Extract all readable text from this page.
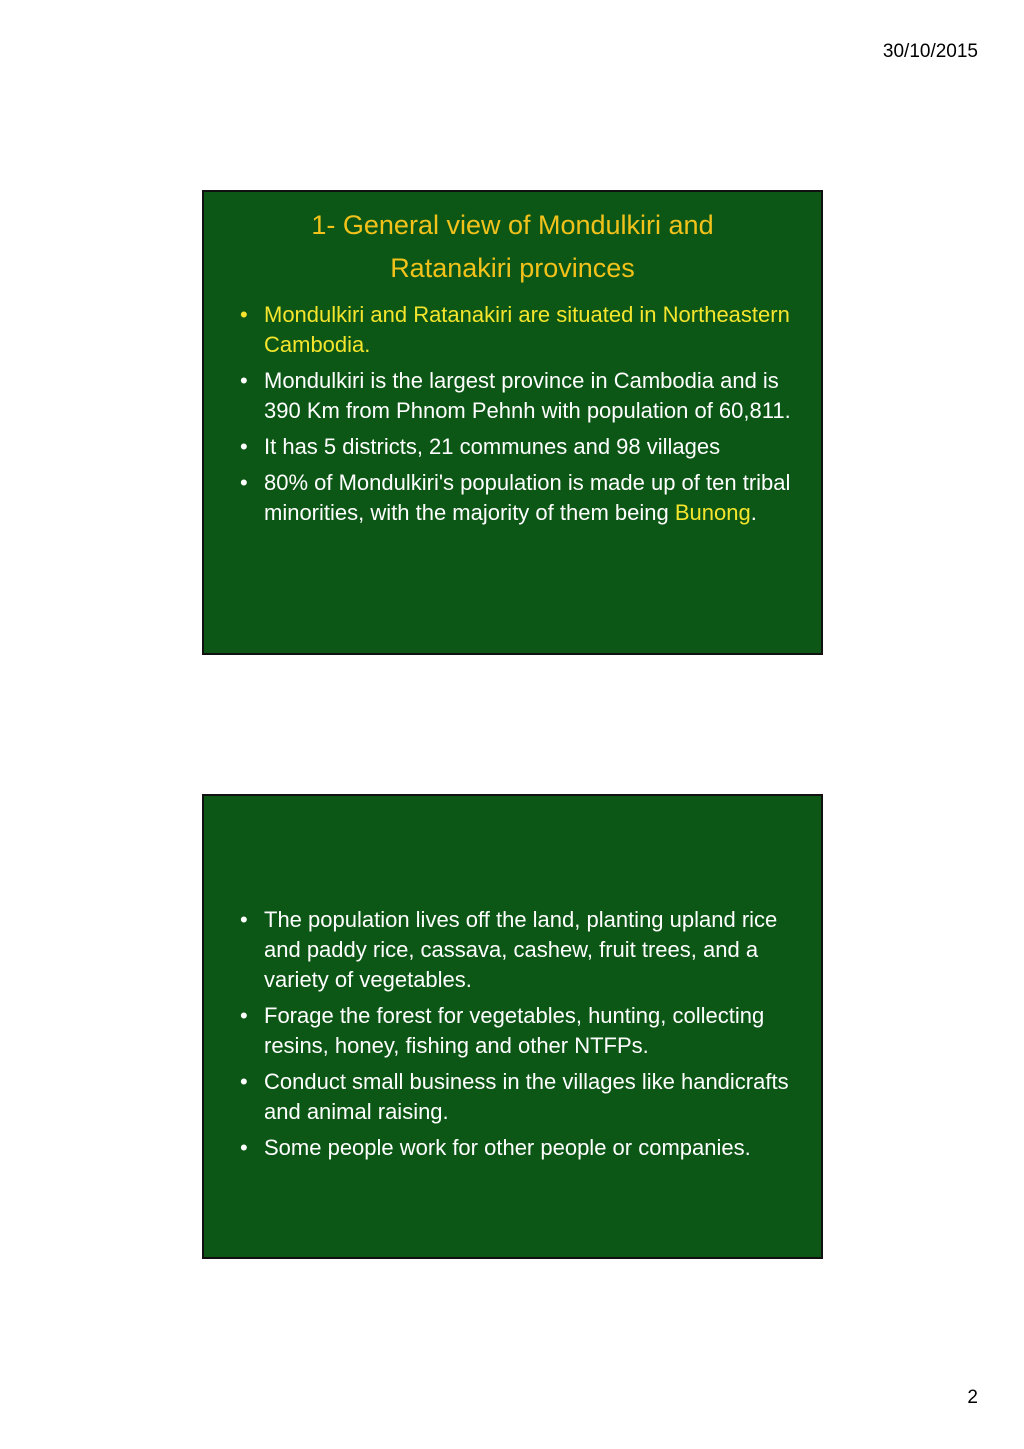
30/10/2015
1- General view of Mondulkiri and
Ratanakiri provinces
• Mondulkiri and Ratanakiri are situated in Northeastern Cambodia.
• Mondulkiri is the largest province in Cambodia and is 390 Km from Phnom Pehnh with population of 60,811.
• It has 5 districts, 21 communes and 98 villages
• 80% of Mondulkiri's population is made up of ten tribal minorities, with the majority of them being Bunong.
• The population lives off the land, planting upland rice and paddy rice, cassava, cashew, fruit trees, and a variety of vegetables.
• Forage the forest for vegetables, hunting, collecting resins, honey, fishing and other NTFPs.
• Conduct small business in the villages like handicrafts and animal raising.
• Some people work for other people or companies.
2
